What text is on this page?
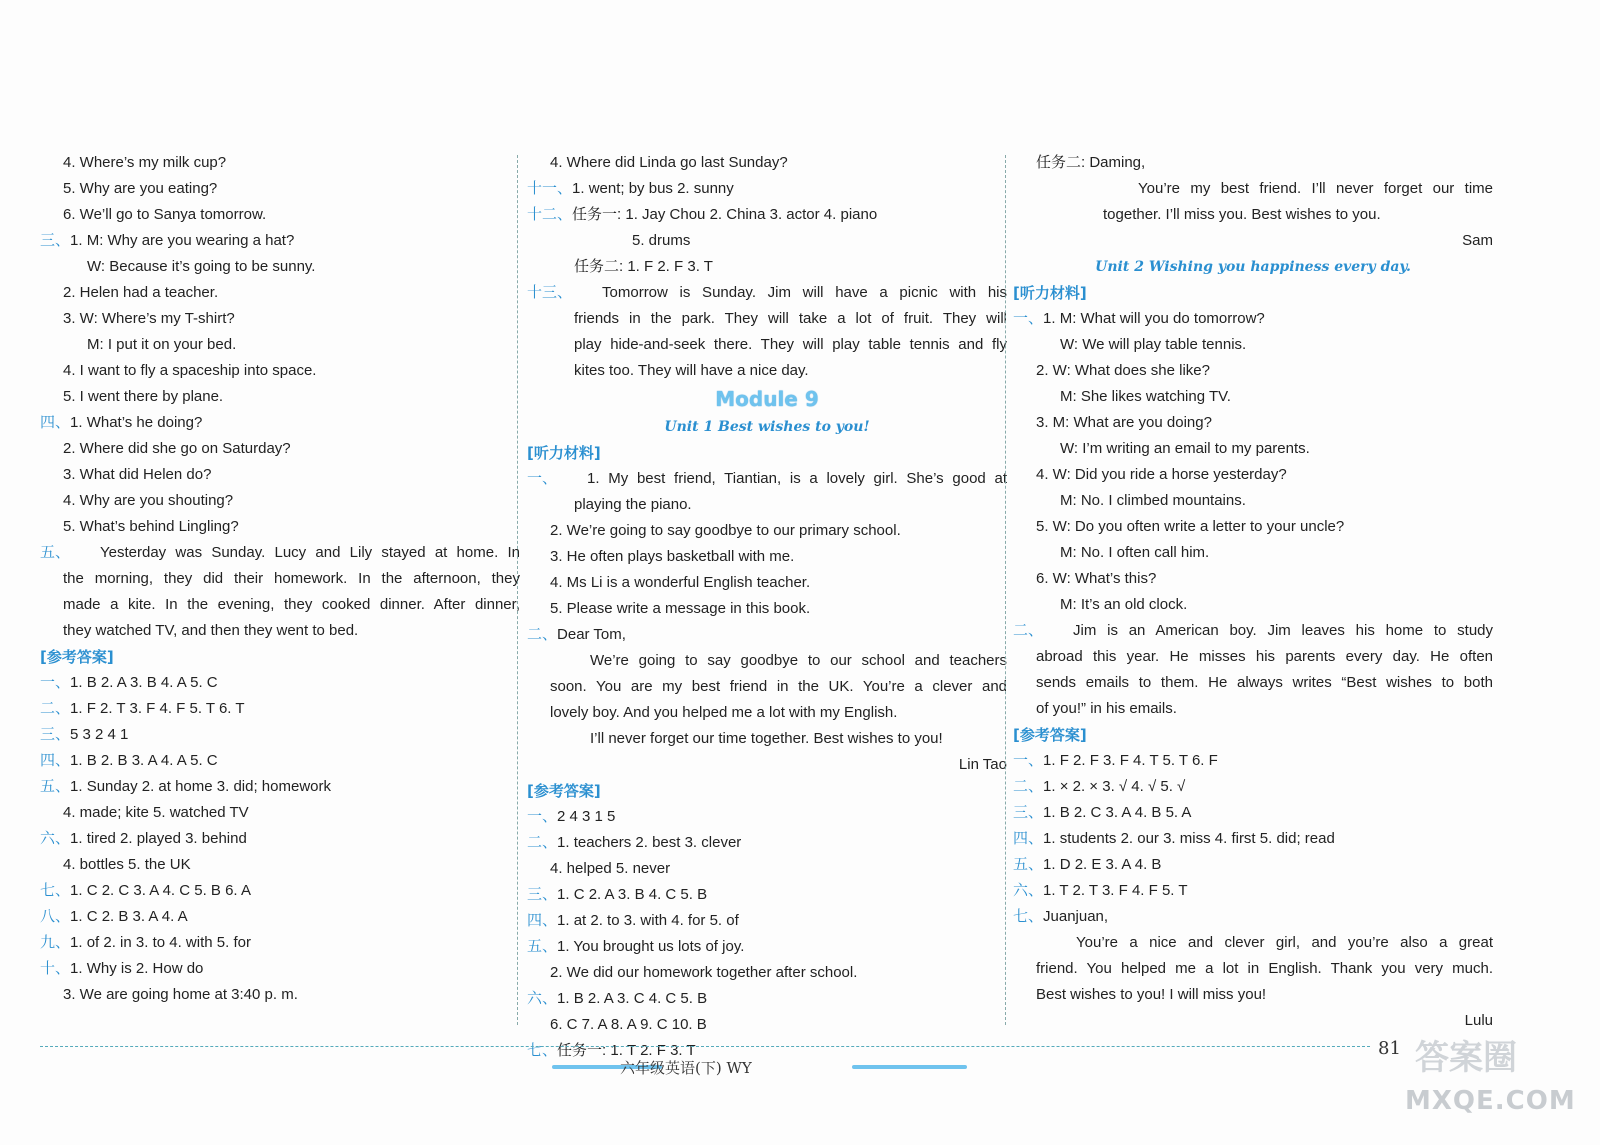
4. Where’s my milk cup?
5. Why are you eating?
6. We’ll go to Sanya tomorrow.
三、1. M: Why are you wearing a hat?
W: Because it’s going to be sunny.
2. Helen had a teacher.
3. W: Where’s my T-shirt?
M: I put it on your bed.
4. I want to fly a spaceship into space.
5. I went there by plane.
四、1. What’s he doing?
2. Where did she go on Saturday?
3. What did Helen do?
4. Why are you shouting?
5. What’s behind Lingling?
五、	Yesterday was Sunday. Lucy and Lily stayed at home. In
the morning, they did their homework. In the afternoon, they
made a kite. In the evening, they cooked dinner. After dinner,
they watched TV, and then they went to bed.
[参考答案]
一、1. B 2. A 3. B 4. A 5. C
二、1. F 2. T 3. F 4. F 5. T 6. T
三、5 3 2 4 1
四、1. B 2. B 3. A 4. A 5. C
五、1. Sunday 2. at home 3. did; homework
4. made; kite 5. watched TV
六、1. tired 2. played 3. behind
4. bottles 5. the UK
七、1. C 2. C 3. A 4. C 5. B 6. A
八、1. C 2. B 3. A 4. A
九、1. of 2. in 3. to 4. with 5. for
十、1. Why is 2. How do
3. We are going home at 3:40 p. m.
4. Where did Linda go last Sunday?
十一、1. went; by bus 2. sunny
十二、任务一: 1. Jay Chou 2. China 3. actor 4. piano
5. drums
任务二: 1. F 2. F 3. T
十三、	Tomorrow is Sunday. Jim will have a picnic with his
friends in the park. They will take a lot of fruit. They will
play hide-and-seek there. They will play table tennis and fly
kites too. They will have a nice day.
Module 9
Unit 1 Best wishes to you!
[听力材料]
一、	1. My best friend, Tiantian, is a lovely girl. She’s good at
playing the piano.
2. We’re going to say goodbye to our primary school.
3. He often plays basketball with me.
4. Ms Li is a wonderful English teacher.
5. Please write a message in this book.
二、Dear Tom,
We’re going to say goodbye to our school and teachers
soon. You are my best friend in the UK. You’re a clever and
lovely boy. And you helped me a lot with my English.
I’ll never forget our time together. Best wishes to you!
Lin Tao
[参考答案]
一、2 4 3 1 5
二、1. teachers 2. best 3. clever
4. helped 5. never
三、1. C 2. A 3. B 4. C 5. B
四、1. at 2. to 3. with 4. for 5. of
五、1. You brought us lots of joy.
2. We did our homework together after school.
六、1. B 2. A 3. C 4. C 5. B
6. C 7. A 8. A 9. C 10. B
七、任务一: 1. T 2. F 3. T
任务二: Daming,
You’re my best friend. I’ll never forget our time
together. I’ll miss you. Best wishes to you.
Sam
Unit 2 Wishing you happiness every day.
[听力材料]
一、1. M: What will you do tomorrow?
W: We will play table tennis.
2. W: What does she like?
M: She likes watching TV.
3. M: What are you doing?
W: I’m writing an email to my parents.
4. W: Did you ride a horse yesterday?
M: No. I climbed mountains.
5. W: Do you often write a letter to your uncle?
M: No. I often call him.
6. W: What’s this?
M: It’s an old clock.
二、	Jim is an American boy. Jim leaves his home to study
abroad this year. He misses his parents every day. He often
sends emails to them. He always writes “Best wishes to both
of you!” in his emails.
[参考答案]
一、1. F 2. F 3. F 4. T 5. T 6. F
二、1. × 2. × 3. √ 4. √ 5. √
三、1. B 2. C 3. A 4. B 5. A
四、1. students 2. our 3. miss 4. first 5. did; read
五、1. D 2. E 3. A 4. B
六、1. T 2. T 3. F 4. F 5. T
七、Juanjuan,
You’re a nice and clever girl, and you’re also a great
friend. You helped me a lot in English. Thank you very much.
Best wishes to you! I will miss you!
Lulu
六年级英语(下) WY
81 答案圈
MXQE.COM
